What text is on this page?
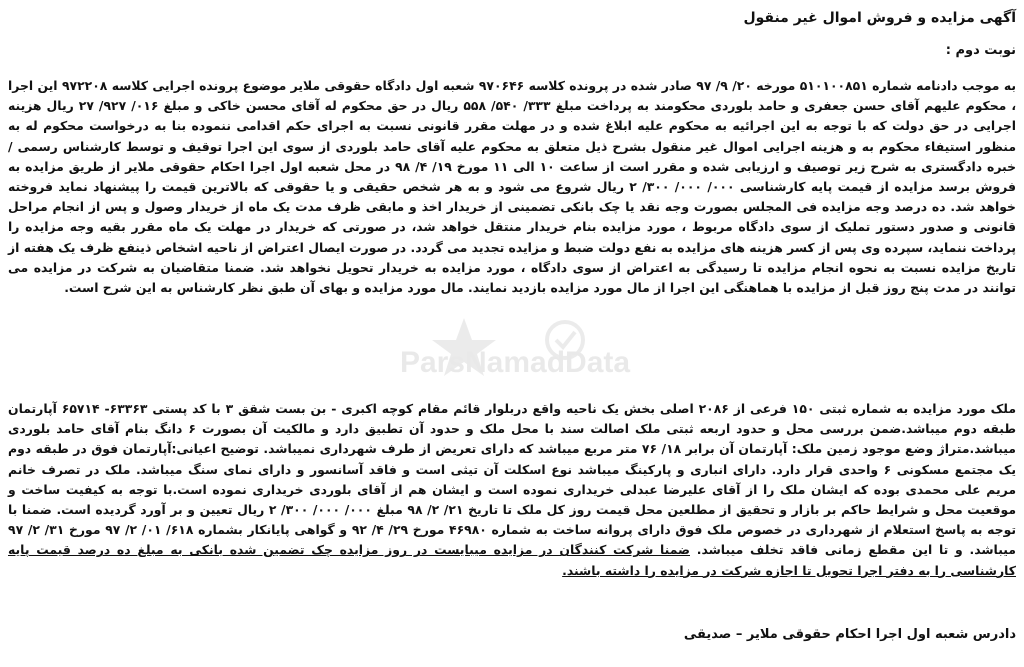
آگهی مزایده و فروش اموال غیر منقول
نوبت دوم :
به موجب دادنامه شماره ۵۱۰۱۰۰۸۵۱ مورخه ۲۰/ ۹/ ۹۷ صادر شده در پرونده کلاسه ۹۷۰۶۴۶ شعبه اول دادگاه حقوقی ملایر موضوع پرونده اجرایی کلاسه ۹۷۲۲۰۸ این اجرا ، محکوم علیهم آقای حسن جعفری و حامد بلوردی محکومند به پرداخت مبلغ ۳۳۳/ ۵۴۰/ ۵۵۸ ریال در حق محکوم له آقای محسن خاکی و مبلغ ۰۱۶/ ۹۲۷/ ۲۷ ریال هزینه اجرایی در حق دولت که با توجه به این اجرائیه به محکوم علیه ابلاغ شده و در مهلت مقرر قانونی نسبت به اجرای حکم اقدامی ننموده بنا به درخواست محکوم له به منظور استیفاء محکوم به و هزینه اجرایی اموال غیر منقول بشرح ذیل متعلق به محکوم علیه آقای حامد بلوردی از سوی این اجرا توقیف و توسط کارشناس رسمی / خبره دادگستری به شرح زیر توصیف و ارزیابی شده و مقرر است از ساعت ۱۰ الی ۱۱ مورخ ۱۹/ ۴/ ۹۸ در محل شعبه اول اجرا احکام حقوقی ملایر از طریق مزایده به فروش برسد مزایده از قیمت پایه کارشناسی ۰۰۰/ ۰۰۰/ ۳۰۰/ ۲ ریال شروع می شود و به هر شخص حقیقی و یا حقوقی که بالاترین قیمت را پیشنهاد نماید فروخته خواهد شد. ده درصد وجه مزایده فی المجلس بصورت وجه نقد یا چک بانکی تضمینی از خریدار اخذ و مابقی ظرف مدت یک ماه از خریدار وصول و پس از انجام مراحل قانونی و صدور دستور تملیک از سوی دادگاه مربوط ، مورد مزایده بنام خریدار منتقل خواهد شد، در صورتی که خریدار در مهلت یک ماه مقرر بقیه وجه مزایده را پرداخت ننماید، سپرده وی پس از کسر هزینه های مزایده به نفع دولت ضبط و مزایده تجدید می گردد. در صورت ایصال اعتراض از ناحیه اشخاص ذینفع ظرف یک هفته از تاریخ مزایده نسبت به نحوه انجام مزایده تا رسیدگی به اعتراض از سوی دادگاه ، مورد مزایده به خریدار تحویل نخواهد شد. ضمنا متقاضیان به شرکت در مزایده می توانند در مدت پنج روز قبل از مزایده با هماهنگی این اجرا از مال مورد مزایده بازدید نمایند. مال مورد مزایده و بهای آن طبق نظر کارشناس به این شرح است.
ParsNamadData
ملک مورد مزایده به شماره ثبتی ۱۵۰ فرعی از ۲۰۸۶ اصلی بخش یک ناحیه واقع دربلوار قائم مقام کوچه اکبری - بن بست شقق ۳ با کد پستی ۶۳۳۶۳- ۶۵۷۱۴ آپارتمان طبقه دوم میباشد.ضمن بررسی محل و حدود اربعه ثبتی ملک اصالت سند با محل ملک و حدود آن تطبیق دارد و مالکیت آن بصورت ۶ دانگ بنام آقای حامد بلوردی میباشد.متراژ وضع موجود زمین ملک: آپارتمان آن برابر ۱۸/ ۷۶ متر مربع میباشد که دارای تعریض از طرف شهرداری نمیباشد. توضیح اعیانی:آپارتمان فوق در طبقه دوم یک مجتمع مسکونی ۶ واحدی قرار دارد. دارای انباری و پارکینگ میباشد نوع اسکلت آن تیثی است و فاقد آسانسور و دارای نمای سنگ میباشد. ملک در تصرف خانم مریم علی محمدی بوده که ایشان ملک را از آقای علیرضا عبدلی خریداری نموده است و ایشان هم از آقای بلوردی خریداری نموده است.با توجه به کیفیت ساخت و موقعیت محل و شرایط حاکم بر بازار و تحقیق از مطلعین محل قیمت روز کل ملک تا تاریخ ۲۱/ ۲/ ۹۸ مبلغ ۰۰۰/ ۰۰۰/ ۳۰۰/ ۲ ریال تعیین و بر آورد گردیده است. ضمنا با توجه به پاسخ استعلام از شهرداری در خصوص ملک فوق دارای پروانه ساخت به شماره ۴۶۹۸۰ مورخ ۲۹/ ۴/ ۹۲ و گواهی پایانکار بشماره ۶۱۸/ ۰۱/ ۲/ ۹۷ مورخ ۳۱/ ۲/ ۹۷ میباشد. و تا این مقطع زمانی فاقد تخلف میباشد. ضمنا شرکت کنندگان در مزایده میبایست در روز مزایده چک تضمین شده بانکی به مبلغ ده درصد قیمت پایه کارشناسی را به دفتر اجرا تحویل تا اجازه شرکت در مزایده را داشته باشند.
دادرس شعبه اول اجرا احکام حقوقی ملایر – صدیقی
